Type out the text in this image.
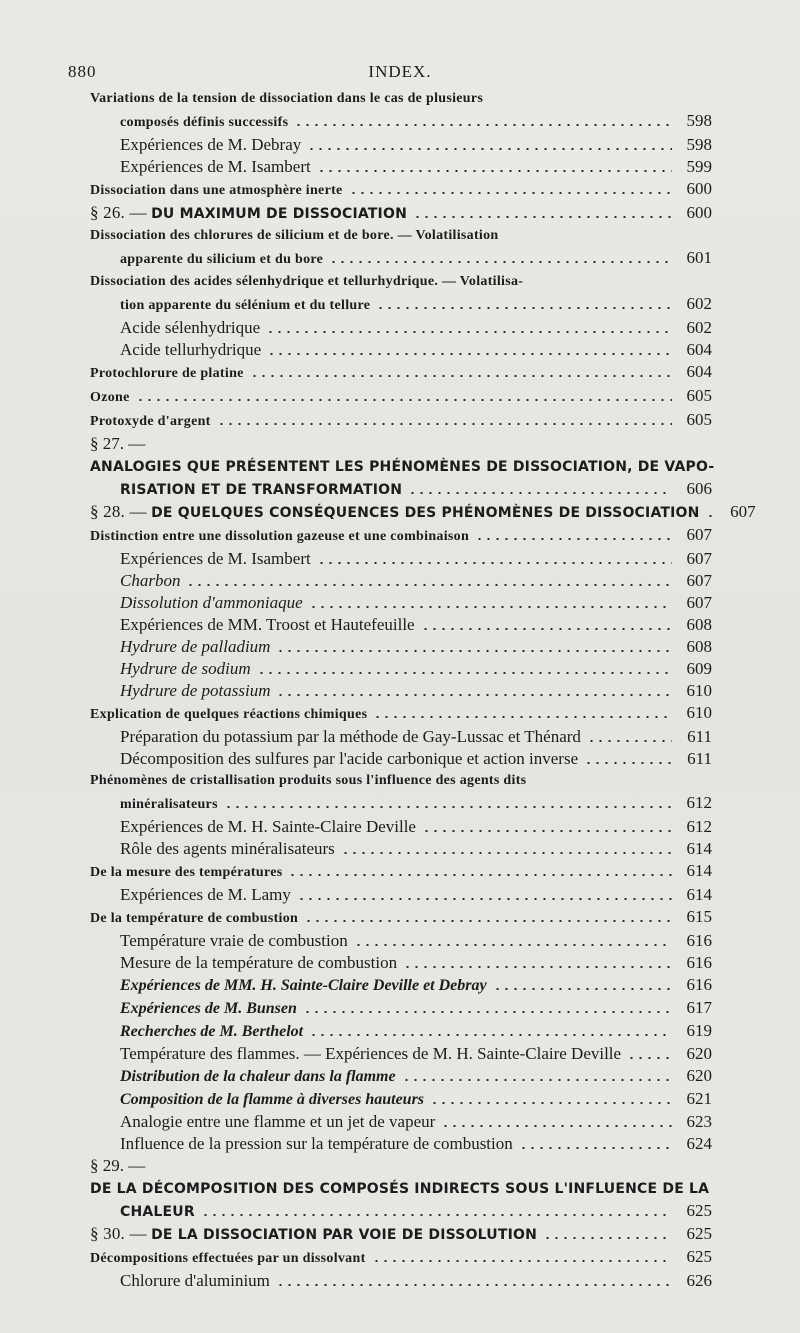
880	INDEX.
Variations de la tension de dissociation dans le cas de plusieurs
composés définis successifs	598
Expériences de M. Debray	598
Expériences de M. Isambert	599
Dissociation dans une atmosphère inerte	600
§ 26. — DU MAXIMUM DE DISSOCIATION	600
Dissociation des chlorures de silicium et de bore. — Volatilisation
apparente du silicium et du bore	601
Dissociation des acides sélenhydrique et tellurhydrique. — Volatilisa-
tion apparente du sélénium et du tellure	602
Acide sélenhydrique	602
Acide tellurhydrique	604
Protochlorure de platine	604
Ozone	605
Protoxyde d'argent	605
§ 27. — ANALOGIES QUE PRÉSENTENT LES PHÉNOMÈNES DE DISSOCIATION, DE VAPO-

RISATION ET DE TRANSFORMATION	606
§ 28. — DE QUELQUES CONSÉQUENCES DES PHÉNOMÈNES DE DISSOCIATION	607
Distinction entre une dissolution gazeuse et une combinaison	607
Expériences de M. Isambert	607
Charbon	607
Dissolution d'ammoniaque	607
Expériences de MM. Troost et Hautefeuille	608
Hydrure de palladium	608
Hydrure de sodium	609
Hydrure de potassium	610
Explication de quelques réactions chimiques	610
Préparation du potassium par la méthode de Gay-Lussac et Thénard	611
Décomposition des sulfures par l'acide carbonique et action inverse	611
Phénomènes de cristallisation produits sous l'influence des agents dits
minéralisateurs	612
Expériences de M. H. Sainte-Claire Deville	612
Rôle des agents minéralisateurs	614
De la mesure des températures	614
Expériences de M. Lamy	614
De la température de combustion	615
Température vraie de combustion	616
Mesure de la température de combustion	616
Expériences de MM. H. Sainte-Claire Deville et Debray	616
Expériences de M. Bunsen	617
Recherches de M. Berthelot	619
Température des flammes. — Expériences de M. H. Sainte-Claire Deville	620
Distribution de la chaleur dans la flamme	620
Composition de la flamme à diverses hauteurs	621
Analogie entre une flamme et un jet de vapeur	623
Influence de la pression sur la température de combustion	624
§ 29. — DE LA DÉCOMPOSITION DES COMPOSÉS INDIRECTS SOUS L'INFLUENCE DE LA

CHALEUR	625
§ 30. — DE LA DISSOCIATION PAR VOIE DE DISSOLUTION	625
Décompositions effectuées par un dissolvant	625
Chlorure d'aluminium	626
